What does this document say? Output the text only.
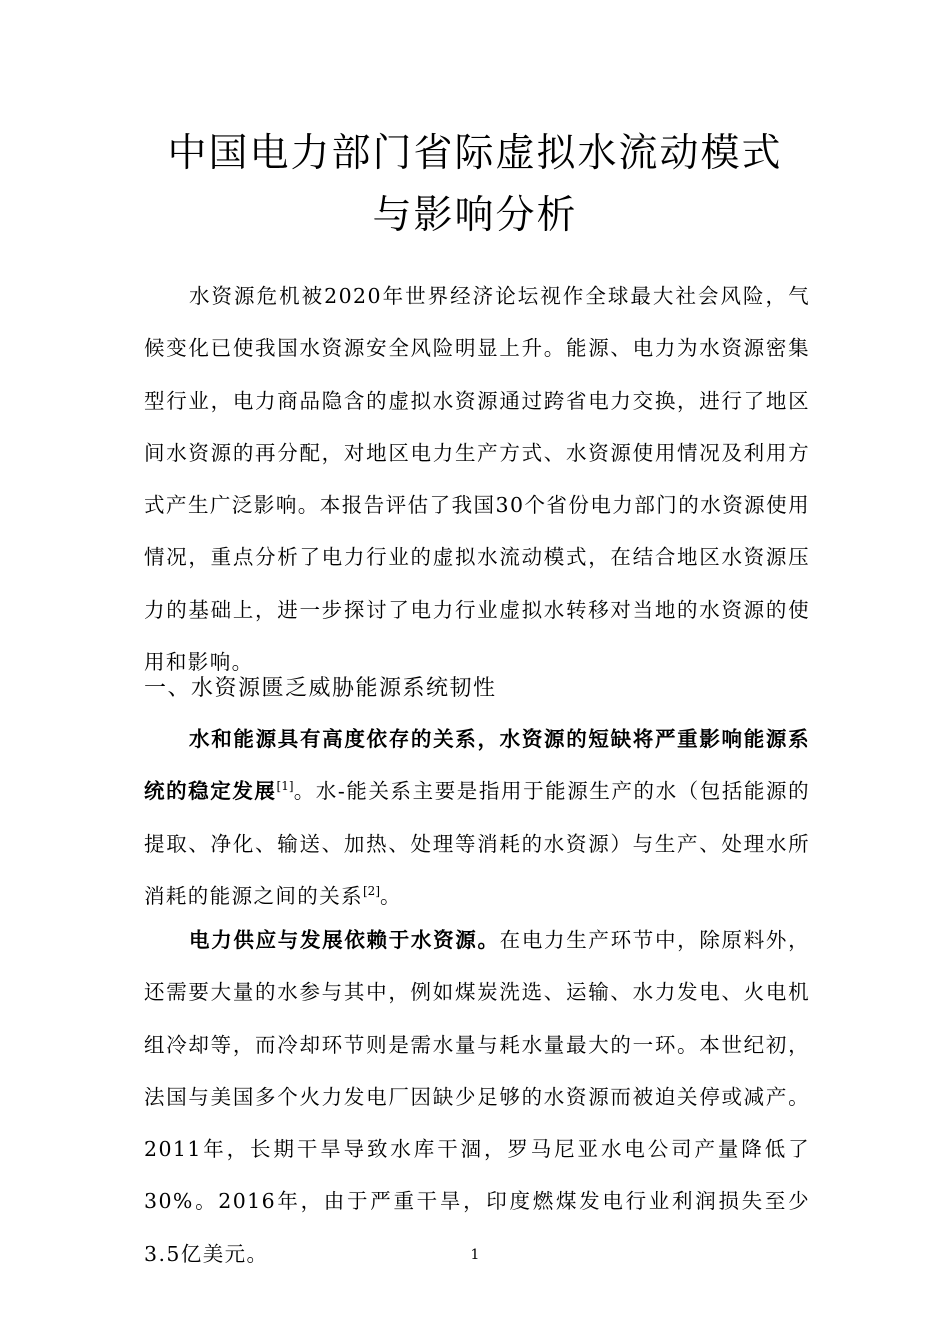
中国电力部门省际虚拟水流动模式
与影响分析

水资源危机被2020年世界经济论坛视作全球最大社会风险，气候变化已使我国水资源安全风险明显上升。能源、电力为水资源密集型行业，电力商品隐含的虚拟水资源通过跨省电力交换，进行了地区间水资源的再分配，对地区电力生产方式、水资源使用情况及利用方式产生广泛影响。本报告评估了我国30个省份电力部门的水资源使用情况，重点分析了电力行业的虚拟水流动模式，在结合地区水资源压力的基础上，进一步探讨了电力行业虚拟水转移对当地的水资源的使用和影响。

一、水资源匮乏威胁能源系统韧性

水和能源具有高度依存的关系，水资源的短缺将严重影响能源系统的稳定发展[1]。水-能关系主要是指用于能源生产的水（包括能源的提取、净化、输送、加热、处理等消耗的水资源）与生产、处理水所消耗的能源之间的关系[2]。

电力供应与发展依赖于水资源。在电力生产环节中，除原料外，还需要大量的水参与其中，例如煤炭洗选、运输、水力发电、火电机组冷却等，而冷却环节则是需水量与耗水量最大的一环。本世纪初，法国与美国多个火力发电厂因缺少足够的水资源而被迫关停或减产。2011年，长期干旱导致水库干涸，罗马尼亚水电公司产量降低了30%。2016年，由于严重干旱，印度燃煤发电行业利润损失至少3.5亿美元。	1
